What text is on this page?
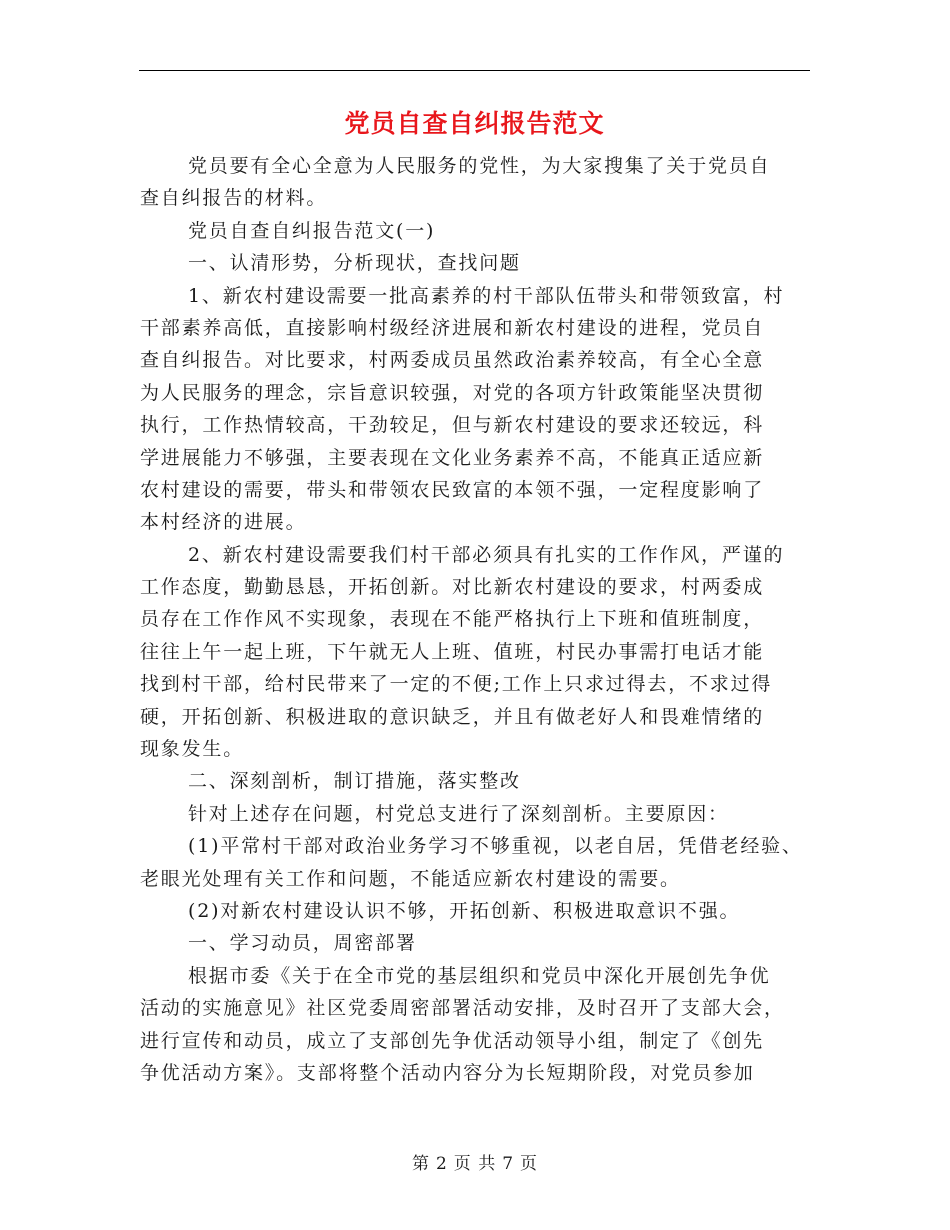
党员自查自纠报告范文
党员要有全心全意为人民服务的党性，为大家搜集了关于党员自
查自纠报告的材料。
党员自查自纠报告范文(一)
一、认清形势，分析现状，查找问题
1、新农村建设需要一批高素养的村干部队伍带头和带领致富，村
干部素养高低，直接影响村级经济进展和新农村建设的进程，党员自
查自纠报告。对比要求，村两委成员虽然政治素养较高，有全心全意
为人民服务的理念，宗旨意识较强，对党的各项方针政策能坚决贯彻
执行，工作热情较高，干劲较足，但与新农村建设的要求还较远，科
学进展能力不够强，主要表现在文化业务素养不高，不能真正适应新
农村建设的需要，带头和带领农民致富的本领不强，一定程度影响了
本村经济的进展。
2、新农村建设需要我们村干部必须具有扎实的工作作风，严谨的
工作态度，勤勤恳恳，开拓创新。对比新农村建设的要求，村两委成
员存在工作作风不实现象，表现在不能严格执行上下班和值班制度，
往往上午一起上班，下午就无人上班、值班，村民办事需打电话才能
找到村干部，给村民带来了一定的不便;工作上只求过得去，不求过得
硬，开拓创新、积极进取的意识缺乏，并且有做老好人和畏难情绪的
现象发生。
二、深刻剖析，制订措施，落实整改
针对上述存在问题，村党总支进行了深刻剖析。主要原因：
(1)平常村干部对政治业务学习不够重视，以老自居，凭借老经验、
老眼光处理有关工作和问题，不能适应新农村建设的需要。
(2)对新农村建设认识不够，开拓创新、积极进取意识不强。
一、学习动员，周密部署
根据市委《关于在全市党的基层组织和党员中深化开展创先争优
活动的实施意见》社区党委周密部署活动安排，及时召开了支部大会，
进行宣传和动员，成立了支部创先争优活动领导小组，制定了《创先
争优活动方案》。支部将整个活动内容分为长短期阶段，对党员参加
第 2 页 共 7 页
